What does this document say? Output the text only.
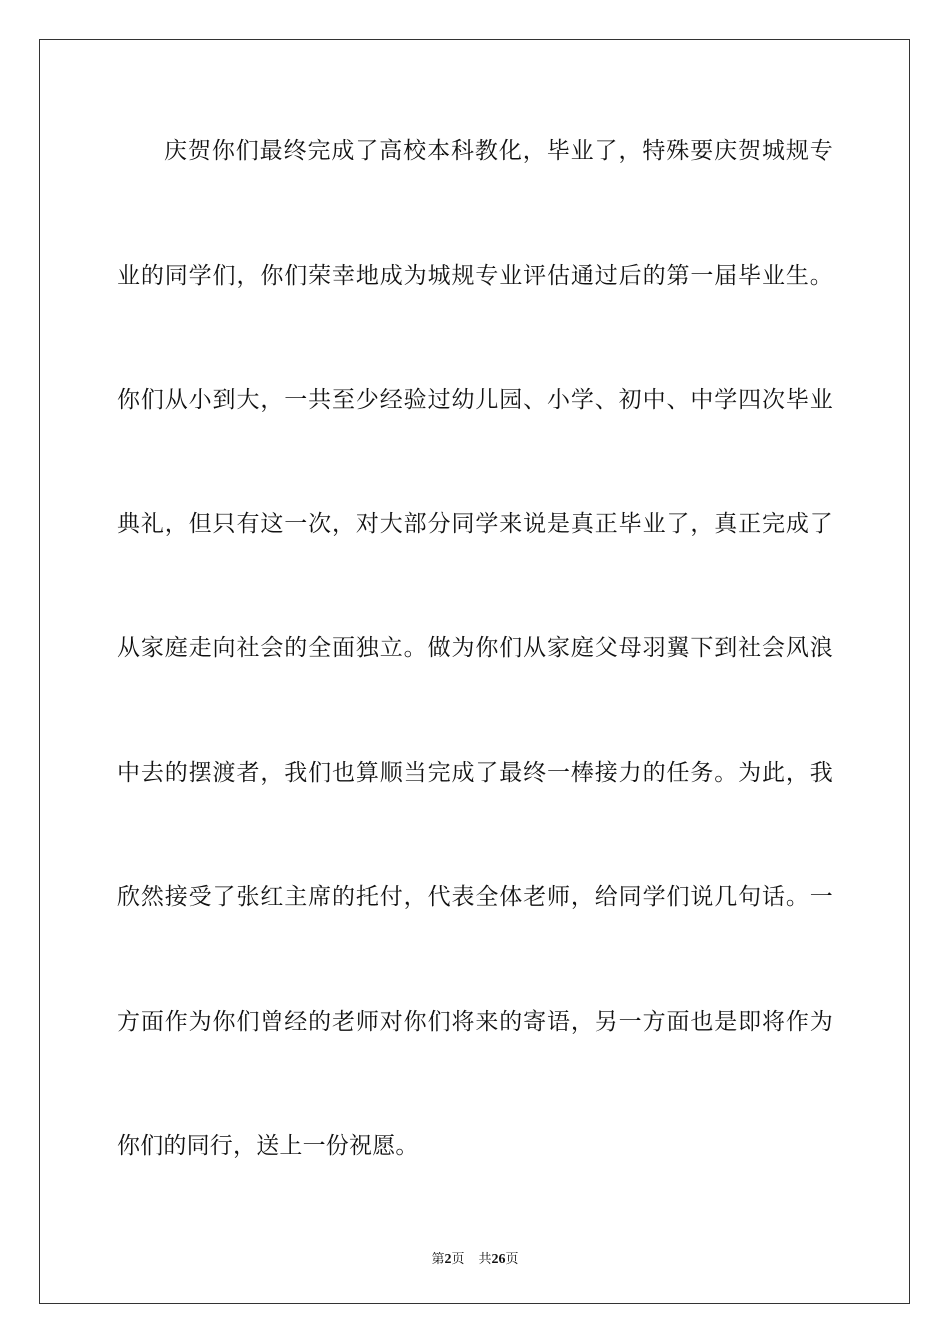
庆贺你们最终完成了高校本科教化，毕业了，特殊要庆贺城规专
业的同学们，你们荣幸地成为城规专业评估通过后的第一届毕业生。
你们从小到大，一共至少经验过幼儿园、小学、初中、中学四次毕业
典礼，但只有这一次，对大部分同学来说是真正毕业了，真正完成了
从家庭走向社会的全面独立。做为你们从家庭父母羽翼下到社会风浪
中去的摆渡者，我们也算顺当完成了最终一棒接力的任务。为此，我
欣然接受了张红主席的托付，代表全体老师，给同学们说几句话。一
方面作为你们曾经的老师对你们将来的寄语，另一方面也是即将作为
你们的同行，送上一份祝愿。
第2页 共26页
